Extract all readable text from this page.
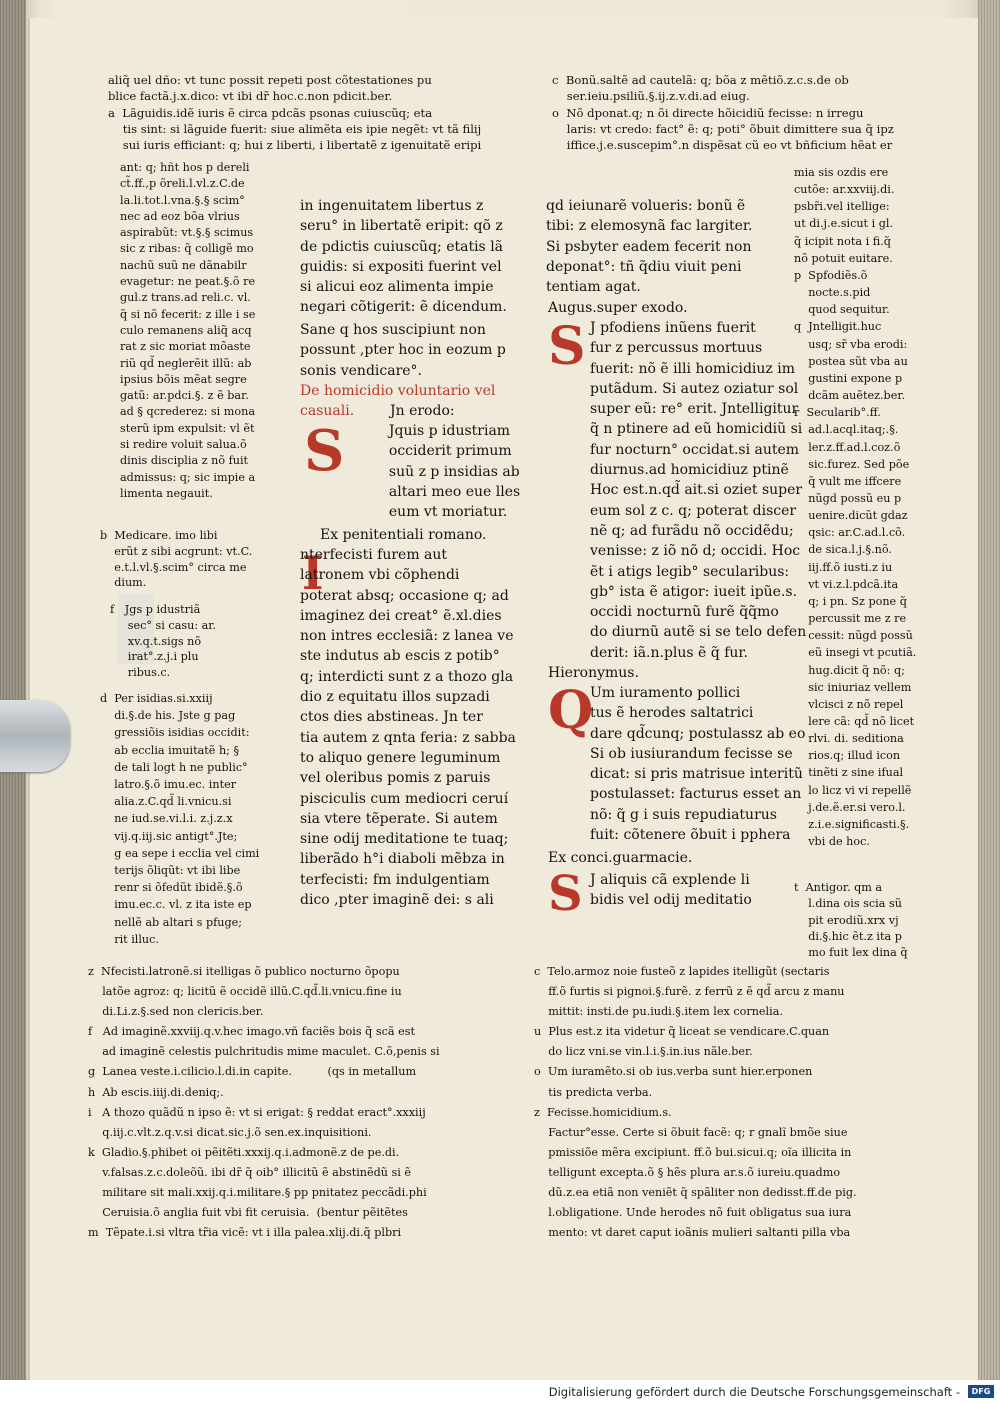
aliq̃ uel dño: vt tunc possit repeti post cõtestationes pu
blice factã.j.x.dico: vt ibi dr̃ hoc.c.non pdicit.ber.
a  Lãguidis.idẽ iuris ẽ circa pdcãs psonas cuiuscũq; eta
tis sint: si lãguide fuerit: siue alimẽta eis ipie negẽt: vt tã filij
sui iuris efficiant: q; hui z liberti, i libertatẽ z igenuitatẽ eripi
c  Bonũ.saltẽ ad cautelã: q; bõa z mẽtiõ.z.c.s.de ob
ser.ieiu.psiliũ.§.ij.z.v.di.ad eiug.
o  Nõ dponat.q; n õi directe hõicidiũ fecisse: n irregu
laris: vt credo: fact° ẽ: q; poti° õbuit dimittere sua q̃ ipz
iffice.j.e.suscepim°.n dispẽsat cũ eo vt bñficium hẽat er
ant: q; hñt hos p dereli
ct̃.ff.,p õreli.l.vl.z.C.de
la.li.tot.l.vna.§.§ scim°
nec ad eoz bõa vlrius
aspirabũt: vt.§.§ scimus
sic z ribas: q̃ colligẽ mo
nachũ suũ ne dãnabilr
evagetur: ne peat.§.õ re
gul.z trans.ad reli.c. vl.
q̃ si nõ fecerit: z ille i se
culo remanens aliq̃ acq
rat z sic moriat mõaste
riũ qd̃ neglerẽit illũ: ab
ipsius bõis mẽat segre
gatũ: ar.pdci.§. z ẽ bar.
ad § qcrederez: si mona
sterũ ipm expulsit: vl ẽt
si redire voluit salua.õ
dinis disciplia z nõ fuit
admissus: q; sic impie a
limenta negauit.
b  Medicare. imo libi
erũt z sibi acgrunt: vt.C.
e.t.l.vl.§.scim° circa me
dium.
f   Jgs p idustriã
sec° si casu: ar.
xv.q.t.sigs nõ
irat°.z.j.i plu
ribus.c.
d  Per isidias.si.xxiij
di.§.de his. Jste g pag
gressiõis isidias occidit:
ab ecclia imuitatẽ h; §
de tali logt h ne public°
latro.§.õ imu.ec. inter
alia.z.C.qd̃ li.vnicu.si
ne iud.se.vi.l.i. z.j.z.x
vij.q.iij.sic antigt°.Jte;
g ea sepe i ecclia vel cimi
terijs õliqũt: vt ibi libe
renr si õfedũt ibidẽ.§.õ
imu.ec.c. vl. z ita iste ep
nellẽ ab altari s pfuge;
rit illuc.
in ingenuitatem libertus z
seru° in libertatẽ eripit: qõ z
de pdictis cuiuscũq; etatis lã
guidis: si expositi fuerint vel
si alicui eoz alimenta impie
negari cõtigerit: ẽ dicendum.
Sane q hos suscipiunt non
possunt ,pter hoc in eozum p
sonis vendicare°.
De homicidio voluntario vel
casuali.	Jn erodo:
Jquis p idustriam
occiderit primum
suũ z p insidias ab
altari meo eue lles
eum vt moriatur.
S
Ex penitentiali romano.
I
nterfecisti furem aut
latronem vbi cõphendi
poterat absq; occasione q; ad
imaginez dei creat° ẽ.xl.dies
non intres ecclesiã: z lanea ve
ste indutus ab escis z potib°
q; interdicti sunt z a thozo gla
dio z equitatu illos supzadi
ctos dies abstineas. Jn ter
tia autem z qnta feria: z sabba
to aliquo genere leguminum
vel oleribus pomis z paruis
pisciculis cum mediocri ceruí
sia vtere tẽperate. Si autem
sine odij meditatione te tuaq;
liberãdo h°i diaboli mẽbza in
terfecisti: fm indulgentiam
dico ,pter imaginẽ dei: s ali
qd ieiunarẽ volueris: bonũ ẽ
tibi: z elemosynã fac largiter.
Si psbyter eadem fecerit non
deponat°: tñ q̃diu viuit peni
tentiam agat.
Augus.super exodo.
S J pfodiens inũens fuerit
fur z percussus mortuus
fuerit: nõ ẽ illi homicidiuz im
putãdum. Si autez oziatur sol
super eũ: re° erit. Jntelligitur
q̃ n ptinere ad eũ homicidiũ si
fur nocturn° occidat.si autem
diurnus.ad homicidiuz ptinẽ
Hoc est.n.qd̃ ait.si oziet super
eum sol z c. q; poterat discer
nẽ q; ad furãdu nõ occidẽdu;
venisse: z iõ nõ d; occidi. Hoc
ẽt i atigs legib° secularibus:
gb° ista ẽ atigor: iueit ipũe.s.
occidi nocturnũ furẽ q̃q̃mo
do diurnũ autẽ si se telo defen
derit: iã.n.plus ẽ q̃ fur.
Hieronymus.
Q
Um iuramento pollici
tus ẽ herodes saltatrici
dare qd̃cunq; postulassz ab eo
Si ob iusiurandum fecisse se
dicat: si pris matrisue interitũ
postulasset: facturus esset an
nõ: q̃ g i suis repudiaturus
fuit: cõtenere õbuit i pphera

Ex conci.guarmacie.
S J aliquis cã explende li
bidis vel odij meditatio
mia sis ozdis ere
cutõe: ar.xxviij.di.
psbr̃i.vel itellige:
ut di.j.e.sicut i gl.
q̃ icipit nota i fi.q̃
nõ potuit euitare.
p  Spfodiẽs.õ
nocte.s.pid
quod sequitur.
q  Jntelligit.huc
usq; sr̃ vba erodi:
postea sũt vba au
gustini expone p
dcãm auẽtez.ber.
r  Secularib°.ff.
ad.l.acql.itaq;.§.
ler.z.ff.ad.l.coz.õ
sic.furez. Sed põe
q̃ vult me iffcere
nũgd possũ eu p
uenire.dicũt gdaz
qsic: ar.C.ad.l.cõ.
de sica.l.j.§.nõ.
iij.ff.õ iusti.z iu
vt vi.z.l.pdcã.ita
q; i pn. Sz pone q̃
percussit me z re
cessit: nũgd possũ
eũ insegi vt pcutiã.
hug.dicit q̃ nõ: q;
sic iniuriaz vellem
vlcisci z nõ repel
lere cã: qd̃ nõ licet
rlvi. di. seditiona
rios.q; illud icon
tinẽti z sine ifual
lo licz vi vi repellẽ
j.de.ẽ.er.si vero.l.
z.i.e.significasti.§.
vbi de hoc.
t  Antigor. qm a
l.dina ois scia sũ
pit erodiũ.xrx vj
di.§.hic ẽt.z ita p
mo fuit lex dina q̃
z  Nfecisti.latronẽ.si itelligas õ publico nocturno õpopu
latõe agroz: q; licitũ ẽ occidẽ illũ.C.qd̃.li.vnicu.fine iu
di.Li.z.§.sed non clericis.ber.
f   Ad imaginẽ.xxviij.q.v.hec imago.vñ faciẽs bois q̃ scã est
ad imaginẽ celestis pulchritudis mime maculet. C.õ,penis si
g  Lanea veste.i.cilicio.l.di.in capite.          (qs in metallum
h  Ab escis.iiij.di.deniq;.
i   A thozo quãdũ n ipso ẽ: vt si erigat: § reddat eract°.xxxiij
q.iij.c.vlt.z.q.v.si dicat.sic.j.õ sen.ex.inquisitioni.
k  Gladio.§.phibet oi pẽitẽti.xxxij.q.i.admonẽ.z de pe.di.
v.falsas.z.c.doleõũ. ibi dr̃ q̃ oib° illicitũ ẽ abstinẽdũ si ẽ
militare sit mali.xxij.q.i.militare.§ pp pnitatez peccãdi.phi
Ceruisia.õ anglia fuit vbi fit ceruisia.  (bentur pẽitẽtes
m  Tẽpate.i.si vltra tr̃ia vicẽ: vt i illa palea.xlij.di.q̃ plbri
c  Telo.armoz noie fusteõ z lapides itelligũt (sectaris
ff.õ furtis si pignoi.§.furẽ. z ferrũ z ẽ qd̃ arcu z manu
mittit: insti.de pu.iudi.§.item lex cornelia.
u  Plus est.z ita videtur q̃ liceat se vendicare.C.quan
do licz vni.se vin.l.i.§.in.ius nãle.ber.
o  Um iuramẽto.si ob ius.verba sunt hier.erponen
tis predicta verba.
z  Fecisse.homicidium.s.
Factur°esse. Certe si õbuit facẽ: q; r gnalĩ bmõe siue
pmissiõe mẽra excipiunt. ff.õ bui.sicui.q; oĩa illicita in
telligunt excepta.õ § hẽs plura ar.s.õ iureiu.quadmo
dũ.z.ea etiã non veniẽt q̃ spãliter non dedisst.ff.de pig.
l.obligatione. Unde herodes nõ fuit obligatus sua iura
mento: vt daret caput ioãnis mulieri saltanti pilla vba
Digitalisierung gefördert durch die Deutsche Forschungsgemeinschaft -	DFG
